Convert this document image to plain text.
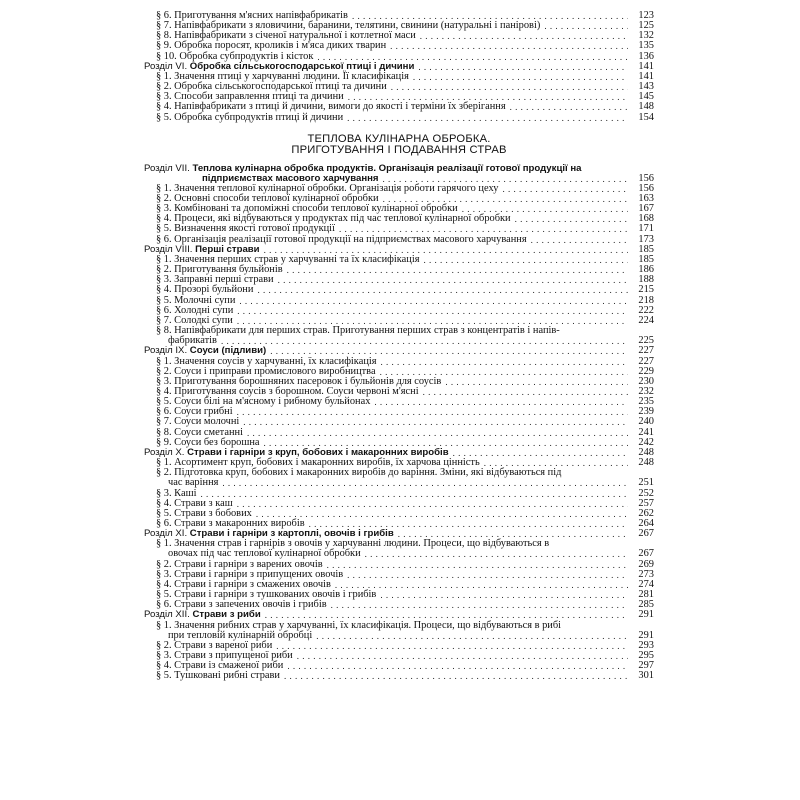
§ 6. Приготування м'ясних напівфабрикатів . . .	123
§ 7. Напівфабрикати з яловичини, баранини, телятини, свинини (натуральні і панірові) . . .	125
§ 8. Напівфабрикати з січеної натуральної і котлетної маси . . .	132
§ 9. Обробка поросят, кроликів і м'яса диких тварин . . .	135
§ 10. Обробка субпродуктів і кісток . . .	136
Розділ VI. Обробка сільськогосподарської птиці і дичини . . .	141
§ 1. Значення птиці у харчуванні людини. Її класифікація . . .	141
§ 2. Обробка сільськогосподарської птиці та дичини . . .	143
§ 3. Способи заправлення птиці та дичини . . .	145
§ 4. Напівфабрикати з птиці й дичини, вимоги до якості і терміни їх зберігання . . .	148
§ 5. Обробка субпродуктів птиці й дичини . . .	154
ТЕПЛОВА КУЛІНАРНА ОБРОБКА.
ПРИГОТУВАННЯ І ПОДАВАННЯ СТРАВ
Розділ VII. Теплова кулінарна обробка продуктів. Організація реалізації готової продукції на
підприємствах масового харчування . . .	156
§ 1. Значення теплової кулінарної обробки. Організація роботи гарячого цеху . . .	156
§ 2. Основні способи теплової кулінарної обробки . . .	163
§ 3. Комбіновані та допоміжні способи теплової кулінарної обробки . . .	167
§ 4. Процеси, які відбуваються у продуктах під час теплової кулінарної обробки . . .	168
§ 5. Визначення якості готової продукції . . .	171
§ 6. Організація реалізації готової продукції на підприємствах масового харчування . . .	173
Розділ VIII. Перші страви . . .	185
§ 1. Значення перших страв у харчуванні та їх класифікація . . .	185
§ 2. Приготування бульйонів . . .	186
§ 3. Заправні перші страви . . .	188
§ 4. Прозорі бульйони . . .	215
§ 5. Молочні супи . . .	218
§ 6. Холодні супи . . .	222
§ 7. Солодкі супи . . .	224
§ 8. Напівфабрикати для перших страв. Приготування перших страв з концентратів і напів-
фабрикатів . . .	225
Розділ IX. Соуси (підливи) . . .	227
§ 1. Значення соусів у харчуванні, їх класифікація . . .	227
§ 2. Соуси і приправи промислового виробництва . . .	229
§ 3. Приготування борошняних пасеровок і бульйонів для соусів . . .	230
§ 4. Приготування соусів з борошном. Соуси червоні м'ясні . . .	232
§ 5. Соуси білі на м'ясному і рибному бульйонах . . .	235
§ 6. Соуси грибні . . .	239
§ 7. Соуси молочні . . .	240
§ 8. Соуси сметанні . . .	241
§ 9. Соуси без борошна . . .	242
Розділ X. Страви і гарніри з круп, бобових і макаронних виробів . . .	248
§ 1. Асортимент круп, бобових і макаронних виробів, їх харчова цінність . . .	248
§ 2. Підготовка круп, бобових і макаронних виробів до варіння. Зміни, які відбуваються під
час варіння . . .	251
§ 3. Каші . . .	252
§ 4. Страви з каш . . .	257
§ 5. Страви з бобових . . .	262
§ 6. Страви з макаронних виробів . . .	264
Розділ XI. Страви і гарніри з картоплі, овочів і грибів . . .	267
§ 1. Значення страв і гарнірів з овочів у харчуванні людини. Процеси, що відбуваються в
овочах під час теплової кулінарної обробки . . .	267
§ 2. Страви і гарніри з варених овочів . . .	269
§ 3. Страви і гарніри з припущених овочів . . .	273
§ 4. Страви і гарніри з смажених овочів . . .	274
§ 5. Страви і гарніри з тушкованих овочів і грибів . . .	281
§ 6. Страви з запечених овочів і грибів . . .	285
Розділ XII. Страви з риби . . .	291
§ 1. Значення рибних страв у харчуванні, їх класифікація. Процеси, що відбуваються в рибі
при тепловій кулінарній обробці . . .	291
§ 2. Страви з вареної риби . . .	293
§ 3. Страви з припущеної риби . . .	295
§ 4. Страви із смаженої риби . . .	297
§ 5. Тушковані рибні страви . . .	301
